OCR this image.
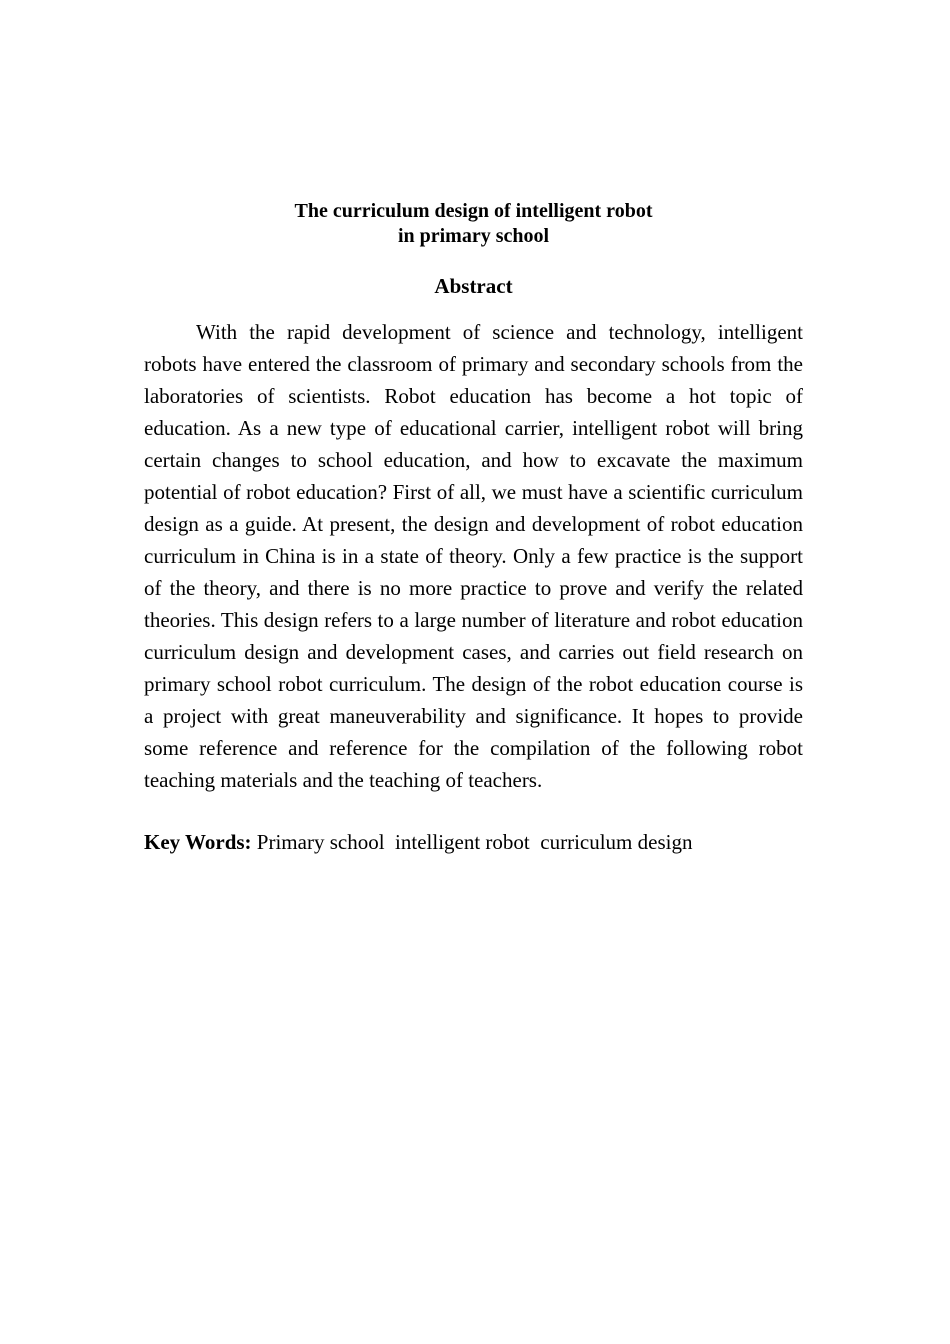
The curriculum design of intelligent robot
in primary school
Abstract

With the rapid development of science and technology, intelligent robots have entered the classroom of primary and secondary schools from the laboratories of scientists. Robot education has become a hot topic of education. As a new type of educational carrier, intelligent robot will bring certain changes to school education, and how to excavate the maximum potential of robot education? First of all, we must have a scientific curriculum design as a guide. At present, the design and development of robot education curriculum in China is in a state of theory. Only a few practice is the support of the theory, and there is no more practice to prove and verify the related theories. This design refers to a large number of literature and robot education curriculum design and development cases, and carries out field research on primary school robot curriculum. The design of the robot education course is a project with great maneuverability and significance. It hopes to provide some reference and reference for the compilation of the following robot teaching materials and the teaching of teachers.

Key Words: Primary school  intelligent robot  curriculum design
